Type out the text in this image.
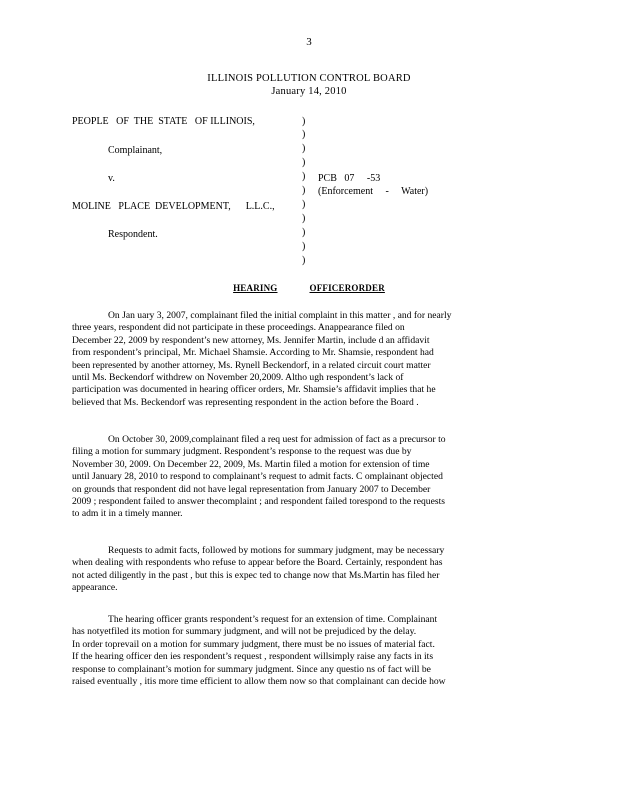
3
ILLINOIS POLLUTION CONTROL BOARD
January 14, 2010
PEOPLE   OF  THE  STATE   OF ILLINOIS,
Complainant,
v.
MOLINE   PLACE  DEVELOPMENT,      L.L.C.,
Respondent.
PCB   07     -53
(Enforcement     -     Water)
)
)
)
)
)
)
)
)
)
)
)
HEARING	OFFICERORDER
On Jan uary 3, 2007, complainant filed the initial complaint in this matter , and for nearly
three years, respondent did not participate in these proceedings. Anappearance filed on
December 22, 2009 by respondent’s new attorney, Ms. Jennifer Martin, include d an affidavit
from respondent’s principal, Mr. Michael Shamsie. According to Mr. Shamsie, respondent had
been represented by another attorney, Ms. Rynell Beckendorf, in a related circuit court matter
until Ms. Beckendorf withdrew on November 20,2009. Altho ugh respondent’s lack of
participation was documented in hearing officer orders, Mr. Shamsie’s affidavit implies that he
believed that Ms. Beckendorf was representing respondent in the action before the Board .
On October 30, 2009,complainant filed a req uest for admission of fact as a precursor to
filing a motion for summary judgment. Respondent’s response to the request was due by
November 30, 2009. On December 22, 2009, Ms. Martin filed a motion for extension of time
until January 28, 2010 to respond to complainant’s request to admit facts. C omplainant objected
on grounds that respondent did not have legal representation from January 2007 to December
2009 ; respondent failed to answer thecomplaint ; and respondent failed torespond to the requests
to adm it in a timely manner.
Requests to admit facts, followed by motions for summary judgment, may be necessary
when dealing with respondents who refuse to appear before the Board. Certainly, respondent has
not acted diligently in the past , but this is expec ted to change now that Ms.Martin has filed her
appearance.
The hearing officer grants respondent’s request for an extension of time. Complainant
has notyetfiled its motion for summary judgment, and will not be prejudiced by the delay.
In order toprevail on a motion for summary judgment, there must be no issues of material fact.
If the hearing officer den ies respondent’s request , respondent willsimply raise any facts in its
response to complainant’s motion for summary judgment. Since any questio ns of fact will be
raised eventually , itis more time efficient to allow them now so that complainant can decide how
